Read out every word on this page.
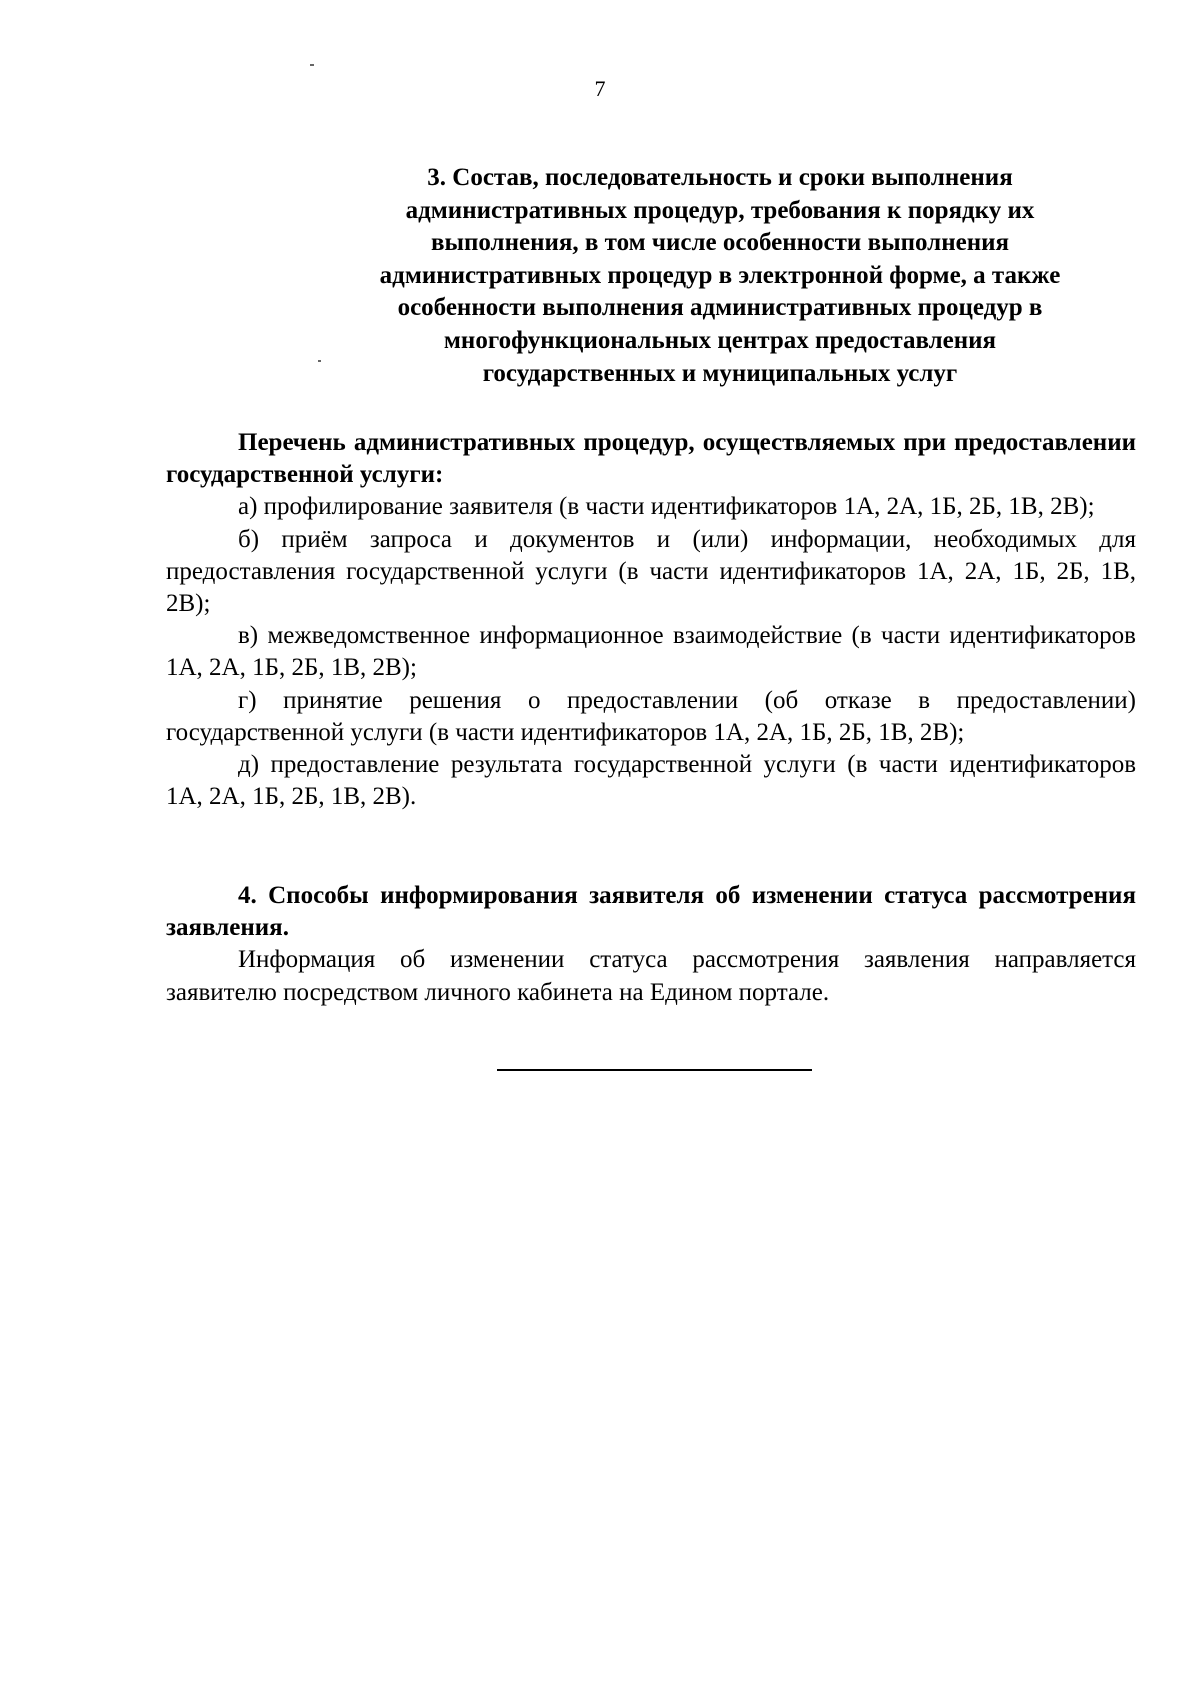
7
3. Состав, последовательность и сроки выполнения
административных процедур, требования к порядку их
выполнения, в том числе особенности выполнения
административных процедур в электронной форме, а также
особенности выполнения административных процедур в
многофункциональных центрах предоставления
государственных и муниципальных услуг

Перечень административных процедур, осуществляемых при предоставлении государственной услуги:

а) профилирование заявителя (в части идентификаторов 1А, 2А, 1Б, 2Б, 1В, 2В);

б) приём запроса и документов и (или) информации, необходимых для предоставления государственной услуги (в части идентификаторов 1А, 2А, 1Б, 2Б, 1В, 2В);

в) межведомственное информационное взаимодействие (в части идентификаторов 1А, 2А, 1Б, 2Б, 1В, 2В);

г) принятие решения о предоставлении (об отказе в предоставлении) государственной услуги (в части идентификаторов 1А, 2А, 1Б, 2Б, 1В, 2В);

д) предоставление результата государственной услуги (в части идентификаторов 1А, 2А, 1Б, 2Б, 1В, 2В).

4. Способы информирования заявителя об изменении статуса рассмотрения заявления.

Информация об изменении статуса рассмотрения заявления направляется заявителю посредством личного кабинета на Едином портале.
